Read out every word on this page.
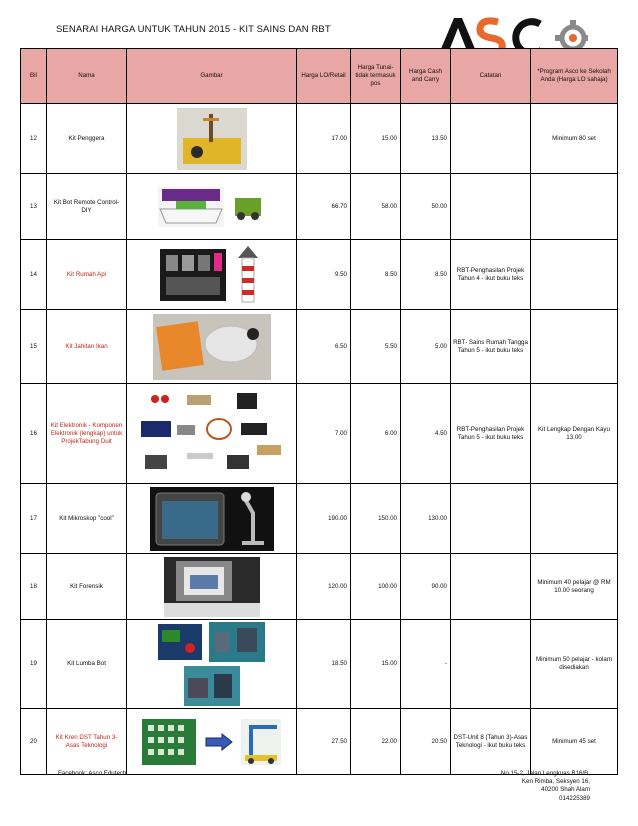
SENARAI HARGA UNTUK TAHUN 2015 - KIT SAINS DAN RBT
Bil	Nama	Gambar	Harga LO/Retail	Harga Tunai-tidak termasuk pos	Harga Cash and Carry	Catatan	*Program Asco ke Sekolah Anda (Harga LO sahaja)
12	Kit Penggera		17.00	15.00	13.50		Minimum 80 set
13	Kit Bot Remote Control-DIY		66.70	58.00	50.00		
14	Kit Rumah Api		9.50	8.50	8.50	RBT-Penghasilan Projek Tahun 4 - ikut buku teks	
15	Kit Jahitan Ikan		6.50	5.50	5.00	RBT- Sains Rumah Tangga Tahun 5 - ikut buku teks	
16	Kit Elektronik - Komponen Elektronik (lengkap) untuk ProjekTabung Duit		7.00	6.00	4.50	RBT-Penghasilan Projek Tahun 5 - ikut buku teks	Kit Lengkap Dengan Kayu 13.00
17	Kit Mikroskop "cool"		190.00	150.00	130.00		
18	Kit Forensik		120.00	100.00	90.00		Minimum 40 pelajar @ RM 10.00 seorang
19	Kit Lumba Bot		18.50	15.00	-		Minimum 50 pelajar - kolam disediakan
20	Kit Kren DST Tahun 3-Asas Teknologi		27.50	22.00	20.50	DST-Unit 8 (Tahun 3)-Asas Teknologi - ikut buku teks	Minimum 45 set
Facebook: Asco Edutech	No 15-2, Jalan Lengkuas B16/B,
Ken Rimba, Seksyen 16,
40200 Shah Alam
014225389
